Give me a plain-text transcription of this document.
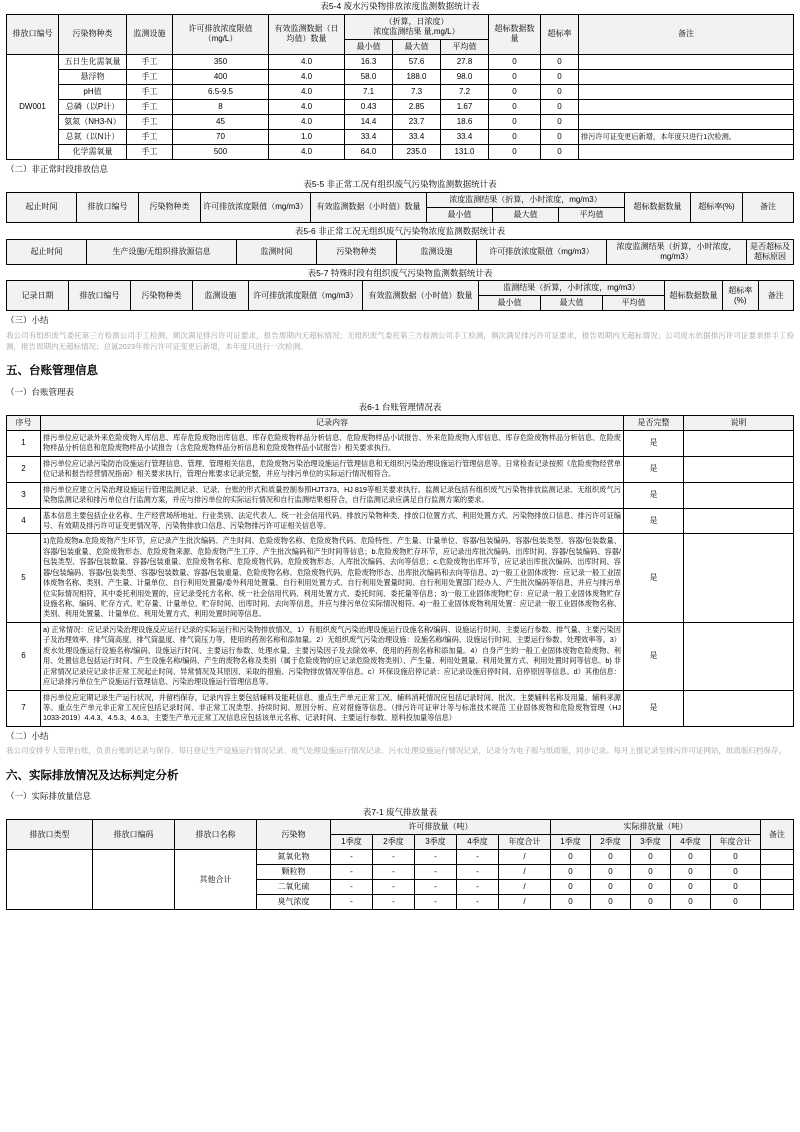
表5-4 废水污染物排放浓度监测数据统计表
排放口编号	污染物种类	监测设施	许可排放浓度限值（mg/L）	有效监测数据（日均值）数量	（折算，日浓度）
浓度监测结果 量,mg/L）			超标数据数量	超标率	备注
					最小值	最大值	平均值			
DW001	五日生化需氧量	手工	350	4.0	16.3	57.6	27.8	0	0	
	悬浮物	手工	400	4.0	58.0	188.0	98.0	0	0	
	pH值	手工	6.5-9.5	4.0	7.1	7.3	7.2	0	0	
	总磷（以P计）	手工	8	4.0	0.43	2.85	1.67	0	0	
	氨氮（NH3-N）	手工	45	4.0	14.4	23.7	18.6	0	0	
	总氮（以N计）	手工	70	1.0	33.4	33.4	33.4	0	0	排污许可证变更后新增，本年度只进行1次检测。
	化学需氧量	手工	500	4.0	64.0	235.0	131.0	0	0	
（二）非正常时段排放信息
表5-5 非正常工况有组织废气污染物监测数据统计表
起止时间	排放口编号	污染物种类	许可排放浓度限值（mg/m3）	有效监测数据（小时值）数量	浓度监测结果（折算，小时浓度，mg/m3）			超标数据数量	超标率(%)	备注
					最小值	最大值	平均值			
表5-6 非正常工况无组织废气污染物浓度监测数据统计表
起止时间	生产设施/无组织排放源信息	监测时间	污染物种类	监测设施	许可排放浓度限值（mg/m3）	浓度监测结果（折算，小时浓度，mg/m3）	是否超标及超标原因
表5-7 特殊时段有组织废气污染物监测数据统计表
记录日期	排放口编号	污染物种类	监测设施	许可排放浓度限值（mg/m3）	有效监测数据（小时值）数量	监测结果（折算，小时浓度，mg/m3）			超标数据数量	超标率(%)	备注
						最小值	最大值	平均值			
（三）小结
我公司有组织废气委托第三方检测公司手工检测，频次满足排污许可证要求，报告周期内无超标情况；无组织废气委托第三方检测公司手工检测，频次满足排污许可证要求，报告周期内无超标情况；公司废水依据排污许可证要求排手工检测，报告周期内无超标情况；总氮2023年排污许可证变更后新增，本年度只进行一次检测。
五、台账管理信息
（一）台账管理表
表6-1 台账管理情况表
序号	记录内容	是否完整	说明
1	排污单位应记录外来危险废物入库信息、库存危险废物出库信息、库存危险废物样品分析信息、危险废物样品小试报告、外来危险废物入库信息、库存危险废物样品分析信息、危险废物样品分析信息和危险废物样品小试报告（含危险废物样品分析信息和危险废物样品小试报告）相关要求执行。	是	
2	排污单位应记录污染防治设施运行管理信息、管理、管理相关信息，危险废物污染治理设施运行管理信息和无组织污染治理设施运行管理信息等。日常检查记录按照《危险废物经营单位记录和报告经营情况指南》相关要求执行，管理台账要求记录完整，并应与排污单位的实际运行情况相符合。	是	
3	排污单位应建立污染治理设施运行管理监测记录、记录、台账的形式和质量控制参照HJT373、HJ 819等相关要求执行。监测记录包括有组织废气污染物排放监测记录、无组织废气污染物监测记录和排污单位自行监测方案，并应与排污单位的实际运行情况和自行监测结果相符合，自行监测记录应满足自行监测方案的要求。	是	
4	基本信息主要包括企业名称、生产经营场所地址、行业类别、法定代表人、统一社会信用代码、排放污染物种类、排放口位置方式、利用处置方式、污染物排放口信息、排污许可证编号、有效期及排污许可证变更情况等，污染物排放口信息、污染物排污许可证相关信息等。	是	
5	1)危险废物a.危险废物产生环节，应记录产生批次编码、产生时间、危险废物名称、危险废物代码、危险特性、产生量、计量单位、容器/包装编码、容器/包装类型、容器/包装数量、容器/包装重量、危险废物形态、危险废物来源、危险废物产生工序、产生批次编码和产生时间等信息；b.危险废物贮存环节，应记录出库批次编码、出库时间、容器/包装编码、容器/包装类型、容器/包装数量、容器/包装重量、危险废物名称、危险废物代码、危险废物形态、入库批次编码、去向等信息；c.危险废物出库环节，应记录出库批次编码、出库时间、容器/包装编码、容器/包装类型、容器/包装数量、容器/包装重量、危险废物名称、危险废物代码、危险废物形态、出库批次编码和去向等信息。2)一般工业固体废物：应记录一般工业固体废物名称、类别、产生量、计量单位、自行利用处置量/委外利用处置量、自行利用处置方式、自行利用处置量时间、自行利用处置部门经办人、产生批次编码等信息，并应与排污单位实际情况相符，其中委托利用处置的，应记录受托方名称、统一社会信用代码、利用处置方式、委托时间、委托量等信息；3)一般工业固体废物贮存：应记录一般工业固体废物贮存设施名称、编码、贮存方式、贮存量、计量单位、贮存时间、出库时间、去向等信息，并应与排污单位实际情况相符。4)一般工业固体废物利用处置：应记录一般工业固体废物名称、类别、利用处置量、计量单位、利用处置方式、利用处置时间等信息。	是	
6	a) 正常情况：应记录污染治理设施反应运行记录的实际运行和污染物排放情况，1）有组织废气污染治理设施运行设施名称/编码、设施运行时间、主要运行参数、排气量、主要污染因子及治理效率、排气筒高度、排气筒温度、排气筒压力等，使用的药剂名称和添加量。2）无组织废气污染治理设施：设施名称/编码、设施运行时间、主要运行参数、处理效率等。3）废水处理设施运行设施名称/编码、设施运行时间、主要运行参数、处理水量、主要污染因子及去除效率、使用的药剂名称和添加量。4）自身产生的一般工业固体废物危险废物、利用、处置信息包括运行时间、产生设施名称/编码、产生的废物名称及类别（属于危险废物的应记录危险废物类别）、产生量、利用处置量、利用处置方式、利用处置时间等信息。b) 非正常情况记录应记录非正常工况起止时间、异常情况及其原因、采取的措施、污染物排放情况等信息。c）环保设施启停记录：应记录设施启停时间、启停原因等信息。d）其他信息：应记录排污单位生产设施运行管理信息、污染治理设施运行管理信息等。	是	
7	排污单位应定期记录生产运行状况，并留档保存，记录内容主要包括辅料及能耗信息、重点生产单元正常工况、辅料消耗情况应包括记录时间、批次、主要辅料名称及用量、辅料来源等。重点生产单元非正常工况应包括记录时间、非正常工况类型、持续时间、原因分析、应对措施等信息。（排污许可证审计等与标准技术规范 工业固体废物和危险废物管理（HJ 1033-2019）4.4.3、4.5.3、4.6.3、主要生产单元正常工况信息应包括该单元名称、记录时间、主要运行参数、原料投加量等信息）	是	
（二）小结
我公司安排专人管理台账，负责台账的记录与保存。每日登记生产设施运行情况记录、废气处理设施运行情况记录、污水处理设施运行情况记录，记录分为电子版与纸质版，同步记录。每月上报记录至排污许可证网站，纸质版归档保存。
六、实际排放情况及达标判定分析
（一）实际排放量信息
表7-1 废气排放量表
排放口类型	排放口编码	排放口名称	污染物	许可排放量（吨）					实际排放量（吨）					备注
				1季度	2季度	3季度	4季度	年度合计	1季度	2季度	3季度	4季度	年度合计	
		其他合计	氮氧化物	-	-	-	-	/	0	0	0	0	0	
			颗粒物	-	-	-	-	/	0	0	0	0	0	
			二氧化硫	-	-	-	-	/	0	0	0	0	0	
			臭气浓度	-	-	-	-	/	0	0	0	0	0	
